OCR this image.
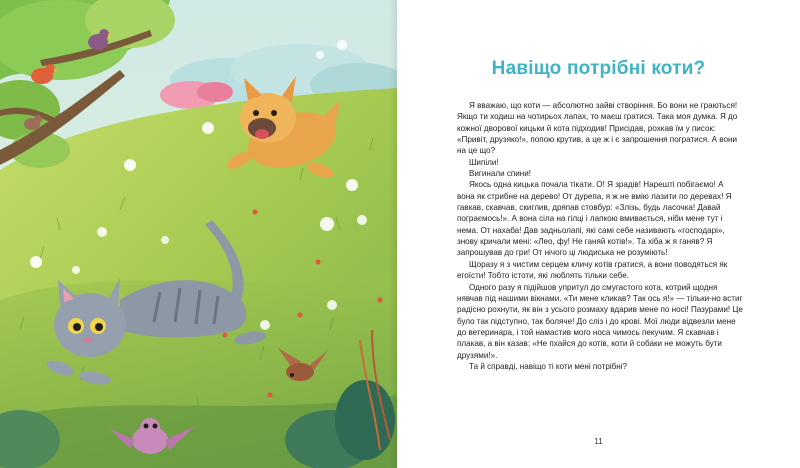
Навіщо потрібні коти?

Я вважаю, що коти — абсолютно зайві створіння. Бо вони не граються! Якщо ти ходиш на чотирьох лапах, то маєш гратися. Така моя думка. Я до кожної дворової кицьки й кота підходив! Присідав, рохкав їм у писок: «Привіт, друзяко!», попою крутив, а це ж і є запрошення погратися. А вони на це що?

Шипіли!

Вигинали спини!

Якось одна кицька почала тікати. О! Я зрадів! Нарешті побігаємо! А вона як стрибне на дерево! От дурепа, я ж не вмію лазити по деревах! Я гавкав, скавчав, скиглив, дряпав стовбур: «Злізь, будь ласочка! Давай пограємось!». А вона сіла на гілці і лапкою вмивається, ніби мене тут і нема. От нахаба! Дав задньолапі, які самі себе називають «господарі», знову кричали мені: «Лео, фу! Не ганяй котів!». Та хіба ж я ганяв? Я запрошував до гри! От нічого ці людиська не розуміють!

Щоразу я з чистим серцем кличу котів гратися, а вони поводяться як егоїсти! Тобто істоти, які люблять тільки себе.

Одного разу я підійшов упритул до смугастого кота, котрий щодня нявчав під нашими вікнами. «Ти мене кликав? Так ось я!» — тільки-но встиг радісно рохнути, як він з усього розмаху вдарив мене по носі! Пазурами! Це було так підступно, так боляче! До сліз і до крові. Мої люди відвезли мене до ветеринара, і той намастив мого носа чимось пекучим. Я скавчав і плакав, а він казав: «Не пхайся до котів, коти й собаки не можуть бути друзями!».

Та й справді, навіщо ті коти мені потрібні?

11
